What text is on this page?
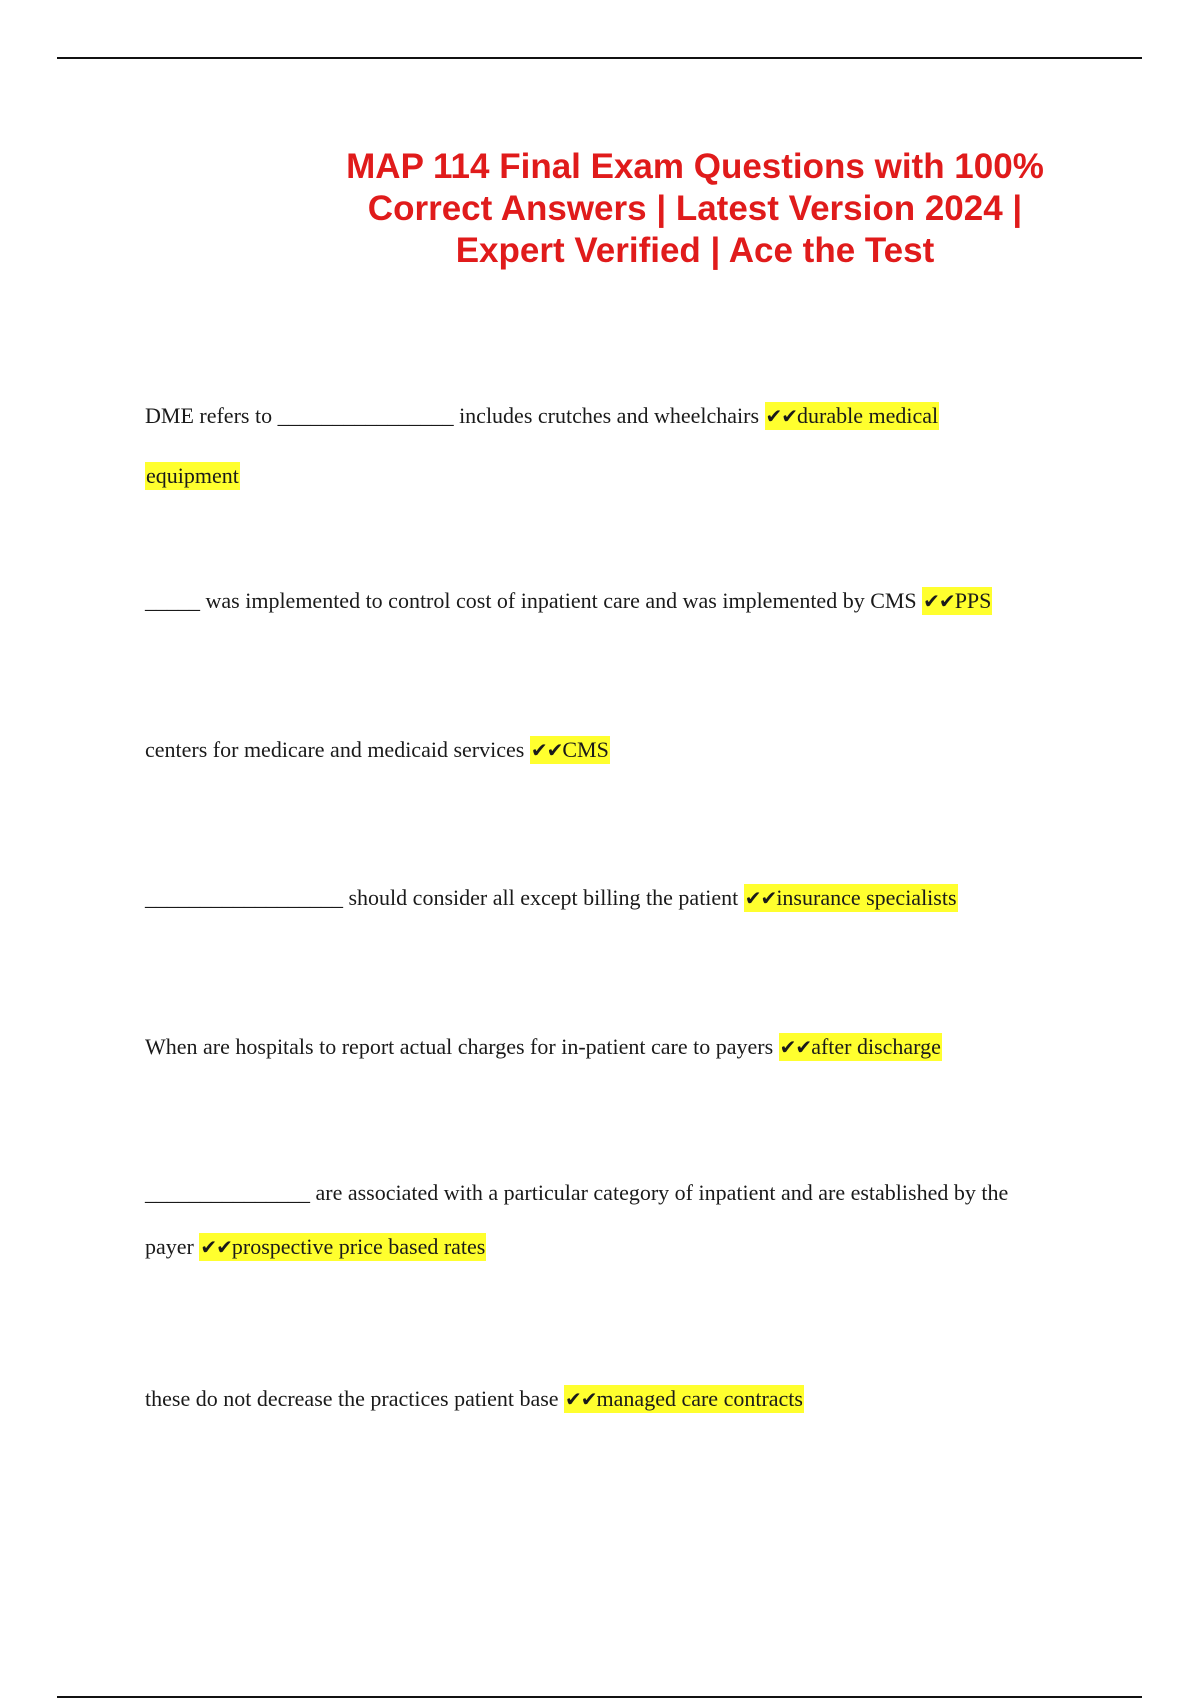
MAP 114 Final Exam Questions with 100%
Correct Answers | Latest Version 2024 |
Expert Verified | Ace the Test
DME refers to ________________ includes crutches and wheelchairs ✔✔durable medical
equipment
_____ was implemented to control cost of inpatient care and was implemented by CMS ✔✔PPS
centers for medicare and medicaid services ✔✔CMS
__________________ should consider all except billing the patient ✔✔insurance specialists
When are hospitals to report actual charges for in-patient care to payers ✔✔after discharge
_______________ are associated with a particular category of inpatient and are established by the
payer ✔✔prospective price based rates
these do not decrease the practices patient base ✔✔managed care contracts
